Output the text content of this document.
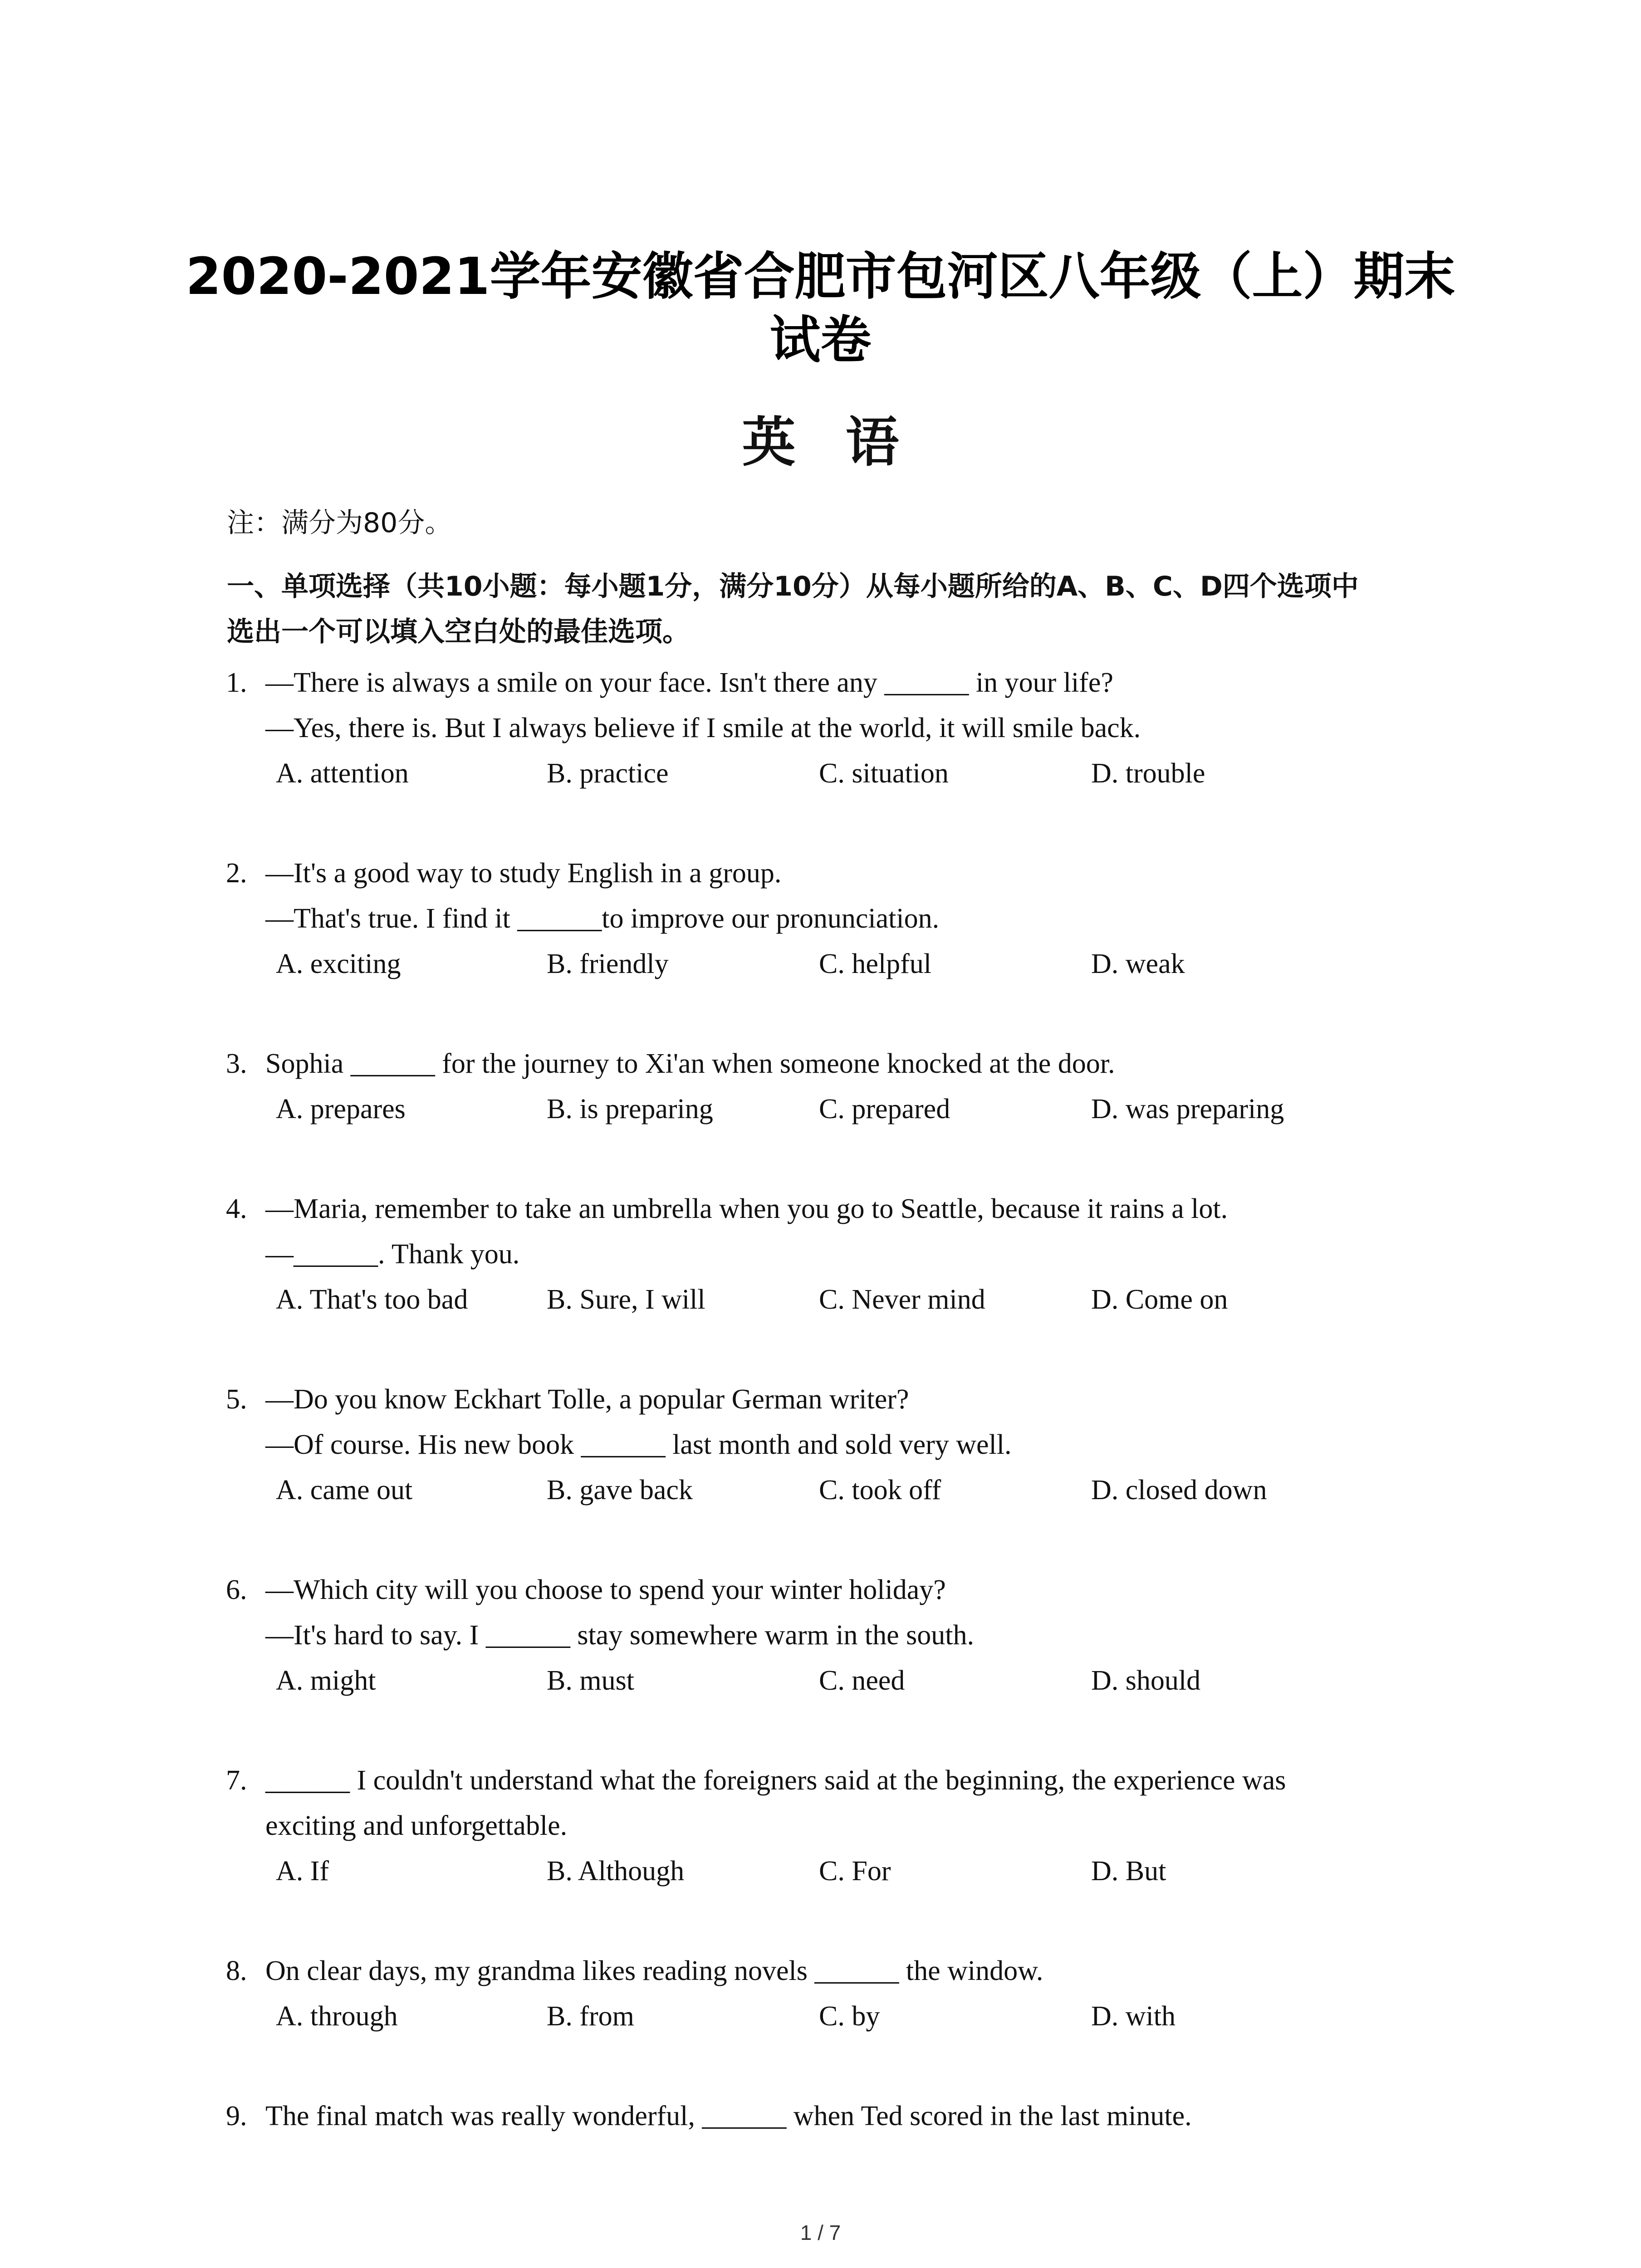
2020-2021学年安徽省合肥市包河区八年级（上）期末
试卷
英语
注：满分为80分。
一、单项选择（共10小题：每小题1分，满分10分）从每小题所给的A、B、C、D四个选项中
选出一个可以填入空白处的最佳选项。
1. —There is always a smile on your face. Isn't there any ______ in your life?
—Yes, there is. But I always believe if I smile at the world, it will smile back.
A. attention	B. practice	C. situation	D. trouble
2. —It's a good way to study English in a group.
—That's true. I find it ______to improve our pronunciation.
A. exciting	B. friendly	C. helpful	D. weak
3. Sophia ______ for the journey to Xi'an when someone knocked at the door.
A. prepares	B. is preparing	C. prepared	D. was preparing
4. —Maria, remember to take an umbrella when you go to Seattle, because it rains a lot.
—______. Thank you.
A. That's too bad	B. Sure, I will	C. Never mind	D. Come on
5. —Do you know Eckhart Tolle, a popular German writer?
—Of course. His new book ______ last month and sold very well.
A. came out	B. gave back	C. took off	D. closed down
6. —Which city will you choose to spend your winter holiday?
—It's hard to say. I ______ stay somewhere warm in the south.
A. might	B. must	C. need	D. should
7. ______ I couldn't understand what the foreigners said at the beginning, the experience was
exciting and unforgettable.
A. If	B. Although	C. For	D. But
8. On clear days, my grandma likes reading novels ______ the window.
A. through	B. from	C. by	D. with
9. The final match was really wonderful, ______ when Ted scored in the last minute.
1 / 7
